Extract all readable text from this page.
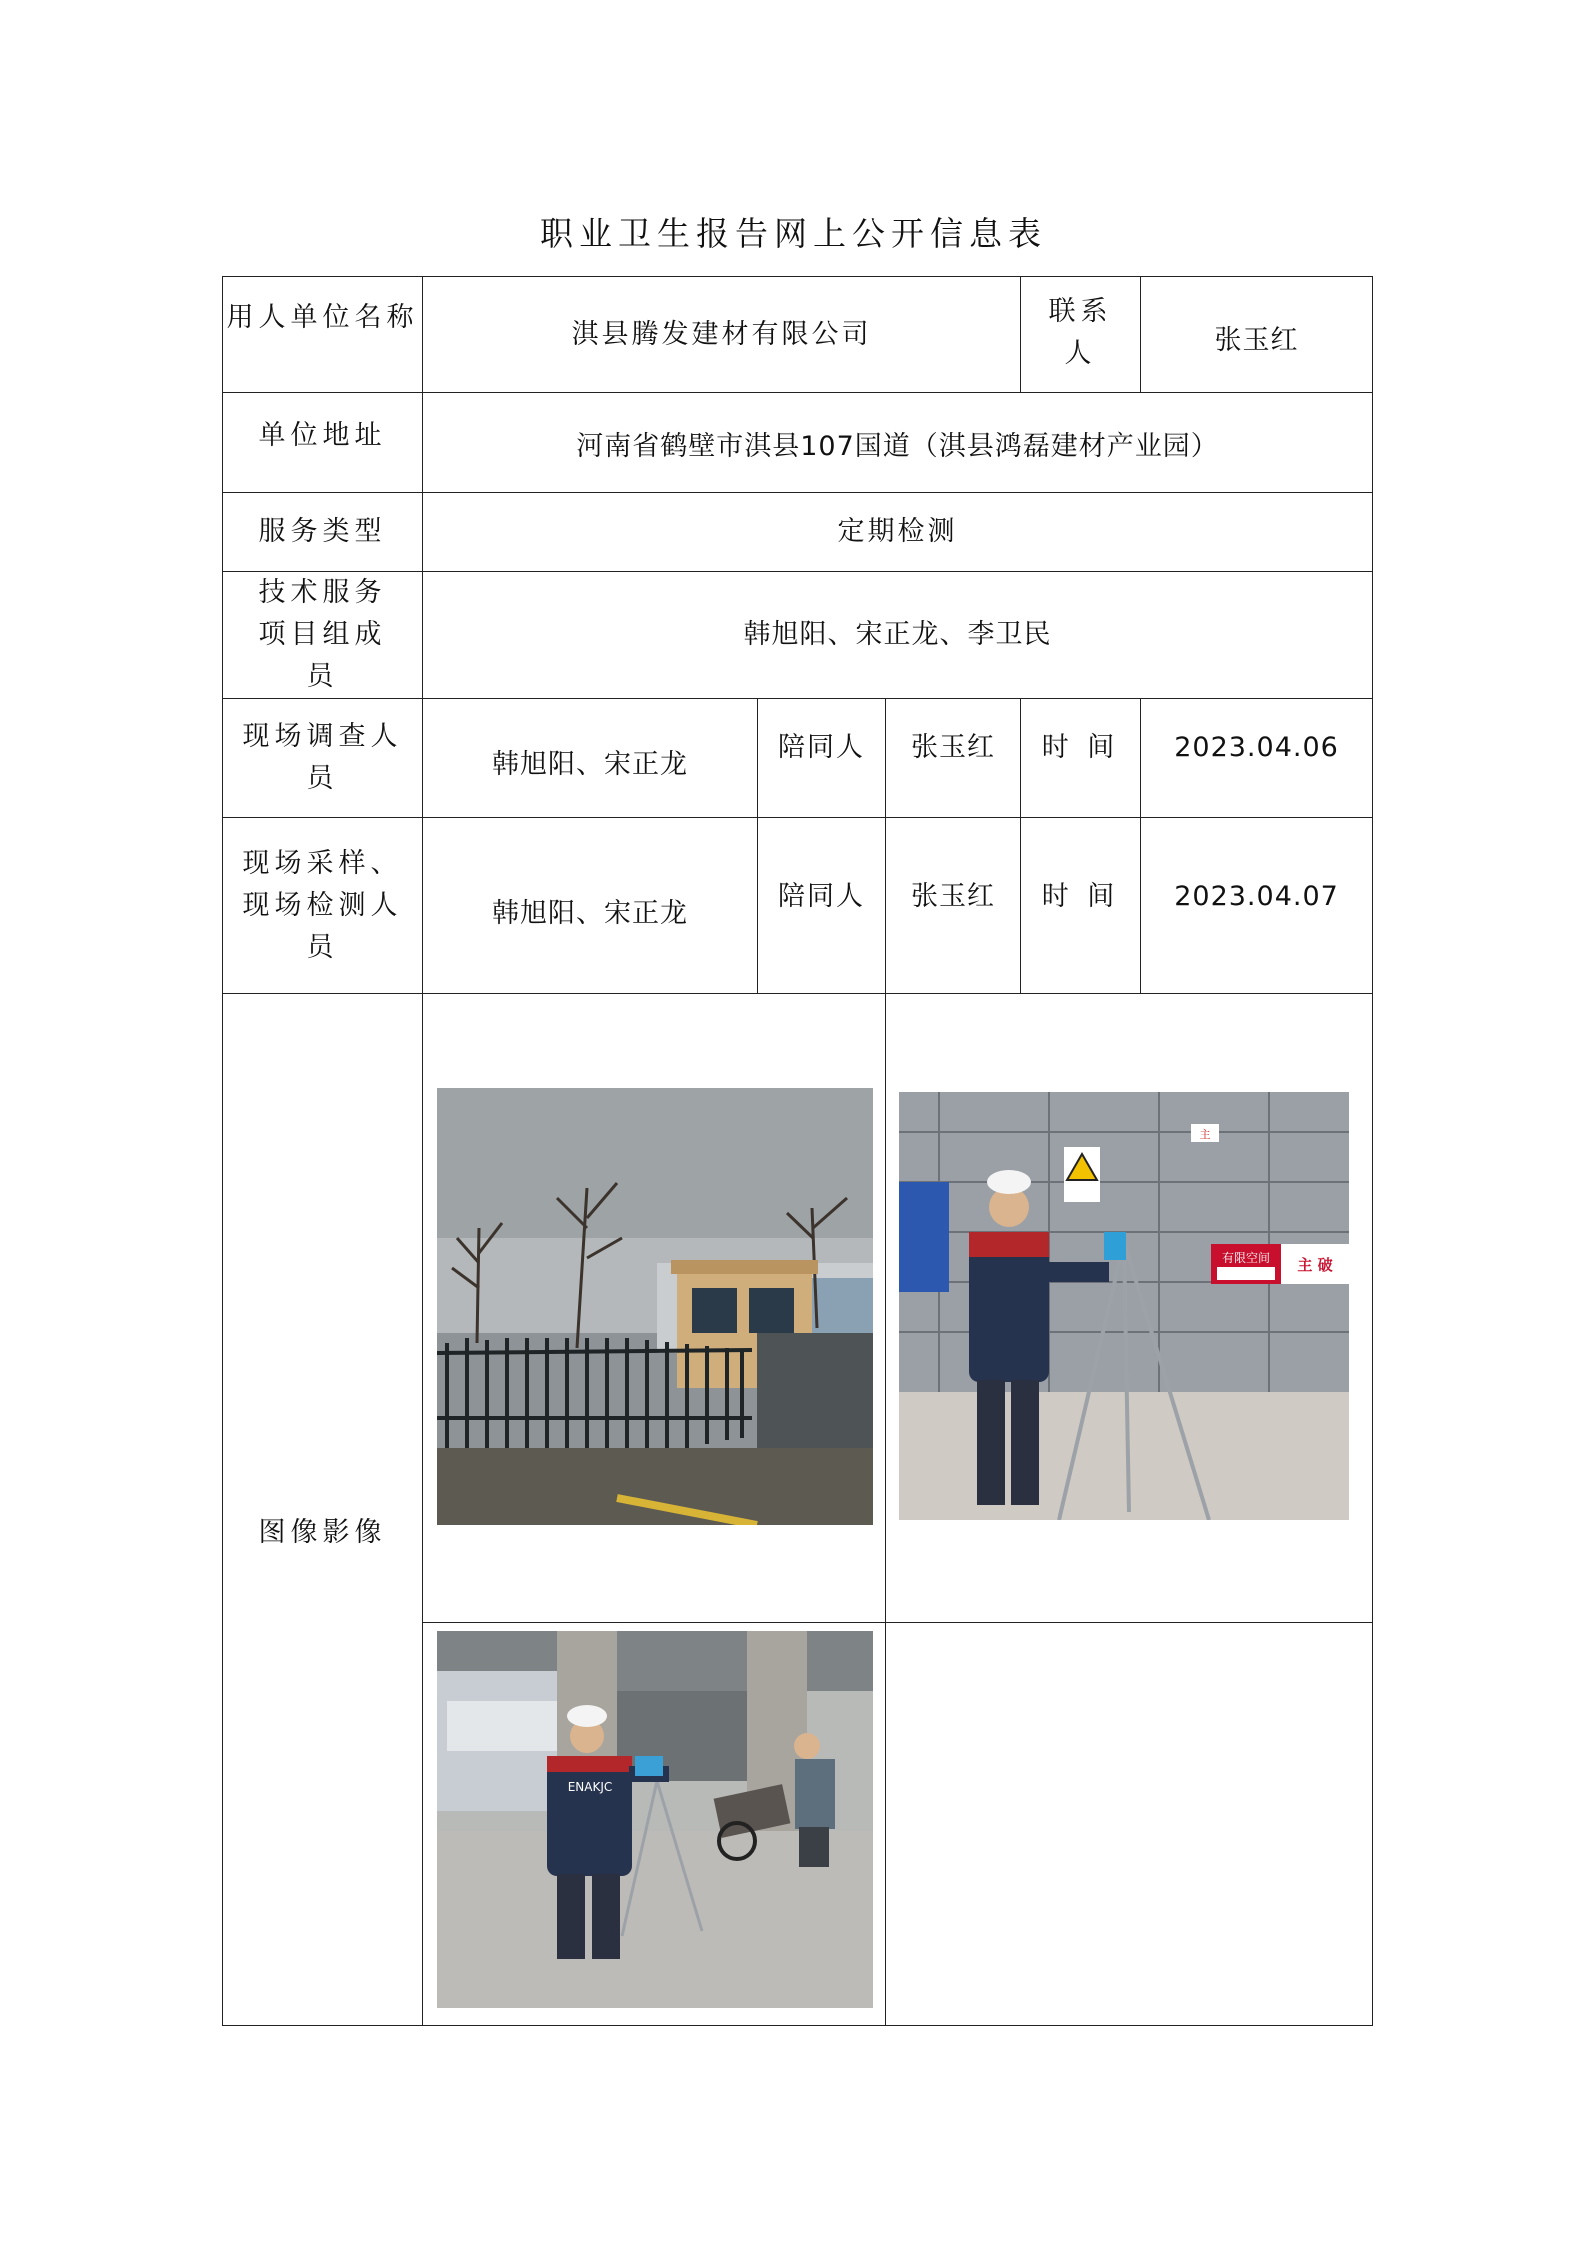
职业卫生报告网上公开信息表
用人单位名称	淇县腾发建材有限公司			联系人	张玉红
单位地址	河南省鹤壁市淇县107国道（淇县鸿磊建材产业园）				
服务类型	定期检测				
技术服务项目组成员	韩旭阳、宋正龙、李卫民				
现场调查人员	韩旭阳、宋正龙	陪同人	张玉红	时 间	2023.04.06
现场采样、现场检测人员	韩旭阳、宋正龙	陪同人	张玉红	时 间	2023.04.07
图像影像			主
有限空间 主 破		

ENAKJC				
